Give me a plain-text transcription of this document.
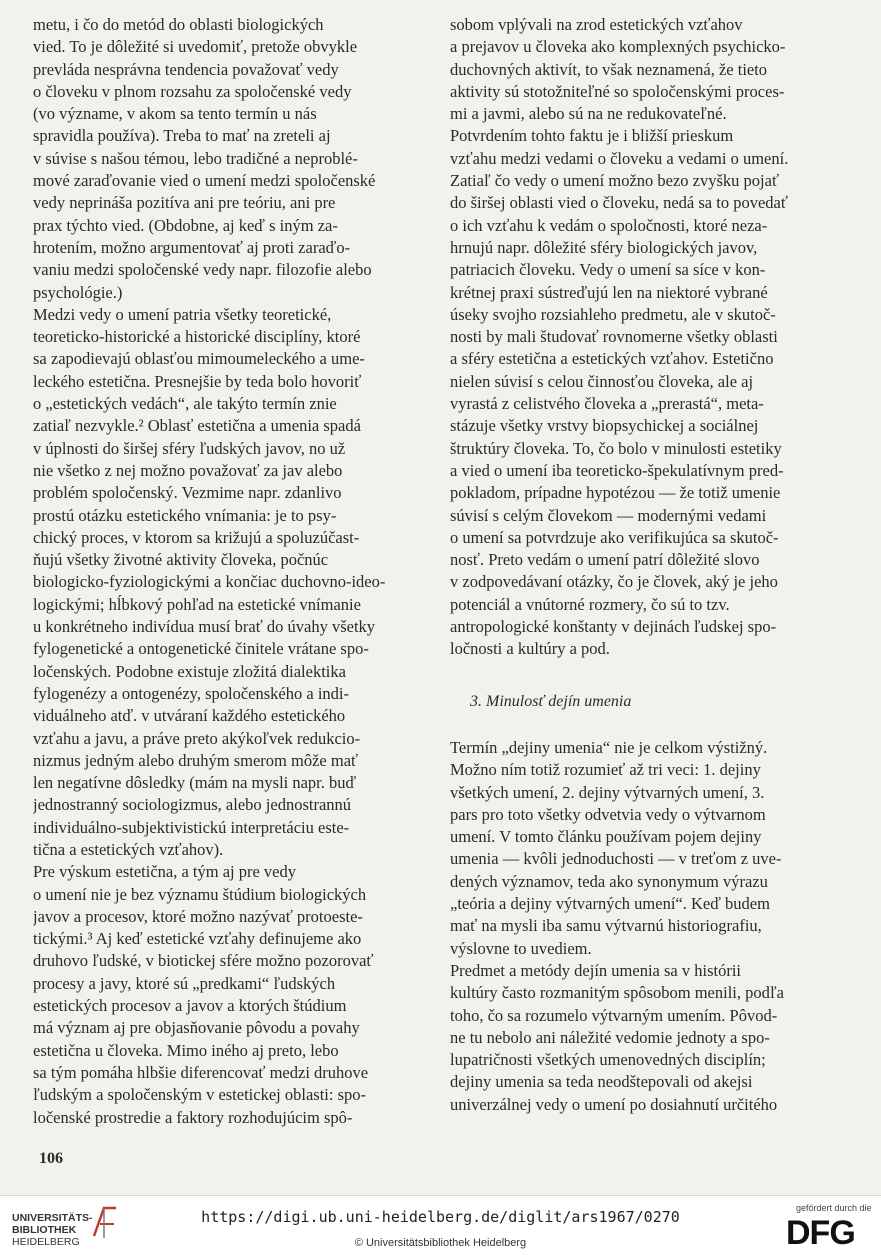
metu, i čo do metód do oblasti biologických
vied. To je dôležité si uvedomiť, pretože obvykle
prevláda nesprávna tendencia považovať vedy
o človeku v plnom rozsahu za spoločenské vedy
(vo význame, v akom sa tento termín u nás
spravidla používa). Treba to mať na zreteli aj
v súvise s našou témou, lebo tradičné a neproblé-
mové zaraďovanie vied o umení medzi spoločenské
vedy neprináša pozitíva ani pre teóriu, ani pre
prax týchto vied. (Obdobne, aj keď s iným za-
hrotením, možno argumentovať aj proti zaraďo-
vaniu medzi spoločenské vedy napr. filozofie alebo
psychológie.)
Medzi vedy o umení patria všetky teoretické,
teoreticko-historické a historické disciplíny, ktoré
sa zapodievajú oblasťou mimoumeleckého a ume-
leckého estetična. Presnejšie by teda bolo hovoriť
o „estetických vedách“, ale takýto termín znie
zatiaľ nezvykle.² Oblasť estetična a umenia spadá
v úplnosti do širšej sféry ľudských javov, no už
nie všetko z nej možno považovať za jav alebo
problém spoločenský. Vezmime napr. zdanlivo
prostú otázku estetického vnímania: je to psy-
chický proces, v ktorom sa križujú a spoluzúčast-
ňujú všetky životné aktivity človeka, počnúc
biologicko-fyziologickými a končiac duchovno-ideo-
logickými; hĺbkový pohľad na estetické vnímanie
u konkrétneho indivídua musí brať do úvahy všetky
fylogenetické a ontogenetické činitele vrátane spo-
ločenských. Podobne existuje zložitá dialektika
fylogenézy a ontogenézy, spoločenského a indi-
viduálneho atď. v utváraní každého estetického
vzťahu a javu, a práve preto akýkoľvek redukcio-
nizmus jedným alebo druhým smerom môže mať
len negatívne dôsledky (mám na mysli napr. buď
jednostranný sociologizmus, alebo jednostrannú
individuálno-subjektivistickú interpretáciu este-
tična a estetických vzťahov).
Pre výskum estetična, a tým aj pre vedy
o umení nie je bez významu štúdium biologických
javov a procesov, ktoré možno nazývať protoeste-
tickými.³ Aj keď estetické vzťahy definujeme ako
druhovo ľudské, v biotickej sfére možno pozorovať
procesy a javy, ktoré sú „predkami“ ľudských
estetických procesov a javov a ktorých štúdium
má význam aj pre objasňovanie pôvodu a povahy
estetična u človeka. Mimo iného aj preto, lebo
sa tým pomáha hlbšie diferencovať medzi druhove
ľudským a spoločenským v estetickej oblasti: spo-
ločenské prostredie a faktory rozhodujúcim spô-
sobom vplývali na zrod estetických vzťahov
a prejavov u človeka ako komplexných psychicko-
duchovných aktivít, to však neznamená, že tieto
aktivity sú stotožniteľné so spoločenskými proces-
mi a javmi, alebo sú na ne redukovateľné.
Potvrdením tohto faktu je i bližší prieskum
vzťahu medzi vedami o človeku a vedami o umení.
Zatiaľ čo vedy o umení možno bezo zvyšku pojať
do širšej oblasti vied o človeku, nedá sa to povedať
o ich vzťahu k vedám o spoločnosti, ktoré neza-
hrnujú napr. dôležité sféry biologických javov,
patriacich človeku. Vedy o umení sa síce v kon-
krétnej praxi sústreďujú len na niektoré vybrané
úseky svojho rozsiahleho predmetu, ale v skutoč-
nosti by mali študovať rovnomerne všetky oblasti
a sféry estetična a estetických vzťahov. Estetično
nielen súvisí s celou činnosťou človeka, ale aj
vyrastá z celistvého človeka a „prerastá“, meta-
stázuje všetky vrstvy biopsychickej a sociálnej
štruktúry človeka. To, čo bolo v minulosti estetiky
a vied o umení iba teoreticko-špekulatívnym pred-
pokladom, prípadne hypotézou — že totiž umenie
súvisí s celým človekom — modernými vedami
o umení sa potvrdzuje ako verifikujúca sa skutoč-
nosť. Preto vedám o umení patrí dôležité slovo
v zodpovedávaní otázky, čo je človek, aký je jeho
potenciál a vnútorné rozmery, čo sú to tzv.
antropologické konštanty v dejinách ľudskej spo-
ločnosti a kultúry a pod.
3. Minulosť dejín umenia
Termín „dejiny umenia“ nie je celkom výstižný.
Možno ním totiž rozumieť až tri veci: 1. dejiny
všetkých umení, 2. dejiny výtvarných umení, 3.
pars pro toto všetky odvetvia vedy o výtvarnom
umení. V tomto článku používam pojem dejiny
umenia — kvôli jednoduchosti — v treťom z uve-
dených významov, teda ako synonymum výrazu
„teória a dejiny výtvarných umení“. Keď budem
mať na mysli iba samu výtvarnú historiografiu,
výslovne to uvediem.
Predmet a metódy dejín umenia sa v histórii
kultúry často rozmanitým spôsobom menili, podľa
toho, čo sa rozumelo výtvarným umením. Pôvod-
ne tu nebolo ani náležité vedomie jednoty a spo-
lupatričnosti všetkých umenovedných disciplín;
dejiny umenia sa teda neodštepovali od akejsi
univerzálnej vedy o umení po dosiahnutí určitého
106
UNIVERSITÄTS-
BIBLIOTHEK
HEIDELBERG
https://digi.ub.uni-heidelberg.de/diglit/ars1967/0270
© Universitätsbibliothek Heidelberg
gefördert durch die
DFG
